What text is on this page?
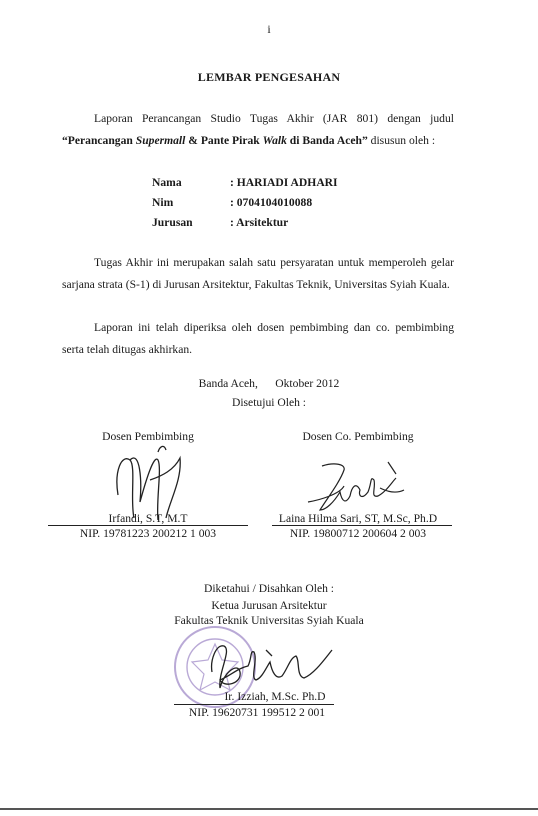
i
LEMBAR PENGESAHAN
Laporan Perancangan Studio Tugas Akhir (JAR 801) dengan judul
“Perancangan Supermall & Pante Pirak Walk di Banda Aceh” disusun oleh :
Nama	: HARIADI ADHARI
Nim	: 0704104010088
Jurusan	: Arsitektur
Tugas Akhir ini merupakan salah satu persyaratan untuk memperoleh gelar sarjana strata (S-1) di Jurusan Arsitektur, Fakultas Teknik, Universitas Syiah Kuala.
Laporan ini telah diperiksa oleh dosen pembimbing dan co. pembimbing serta telah ditugas akhirkan.
Banda Aceh,      Oktober 2012
Disetujui Oleh :
Dosen Pembimbing
Irfandi, S.T, M.T
NIP. 19781223 200212 1 003
Dosen Co. Pembimbing
Laina Hilma Sari, ST, M.Sc, Ph.D
NIP. 19800712 200604 2 003
Diketahui / Disahkan Oleh :
Ketua Jurusan Arsitektur
Fakultas Teknik Universitas Syiah Kuala
Ir. Izziah, M.Sc. Ph.D
NIP. 19620731 199512 2 001
